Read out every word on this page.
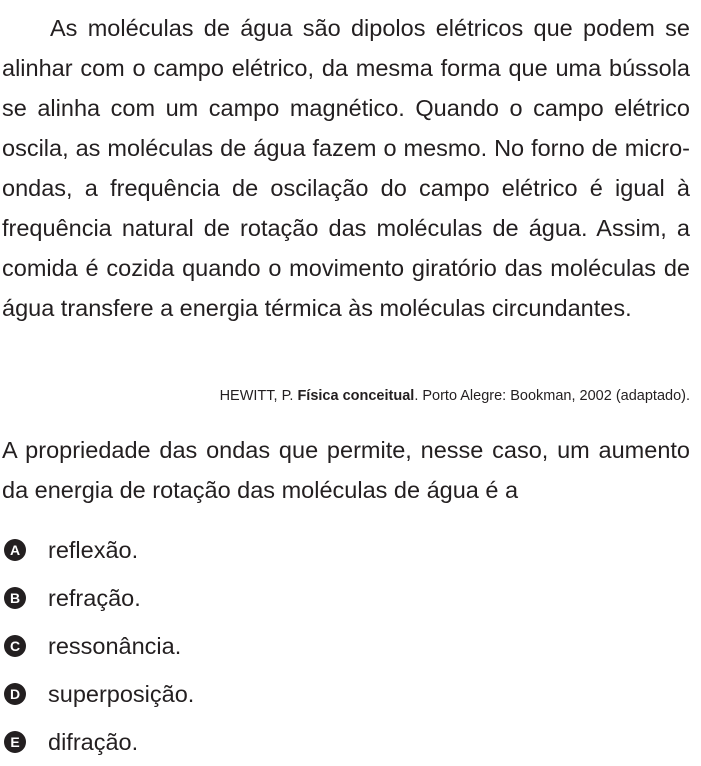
As moléculas de água são dipolos elétricos que podem se alinhar com o campo elétrico, da mesma forma que uma bússola se alinha com um campo magnético. Quando o campo elétrico oscila, as moléculas de água fazem o mesmo. No forno de micro-ondas, a frequência de oscilação do campo elétrico é igual à frequência natural de rotação das moléculas de água. Assim, a comida é cozida quando o movimento giratório das moléculas de água transfere a energia térmica às moléculas circundantes.

HEWITT, P. Física conceitual. Porto Alegre: Bookman, 2002 (adaptado).

A propriedade das ondas que permite, nesse caso, um aumento da energia de rotação das moléculas de água é a

A reflexão.
B refração.
C ressonância.
D superposição.
E difração.
